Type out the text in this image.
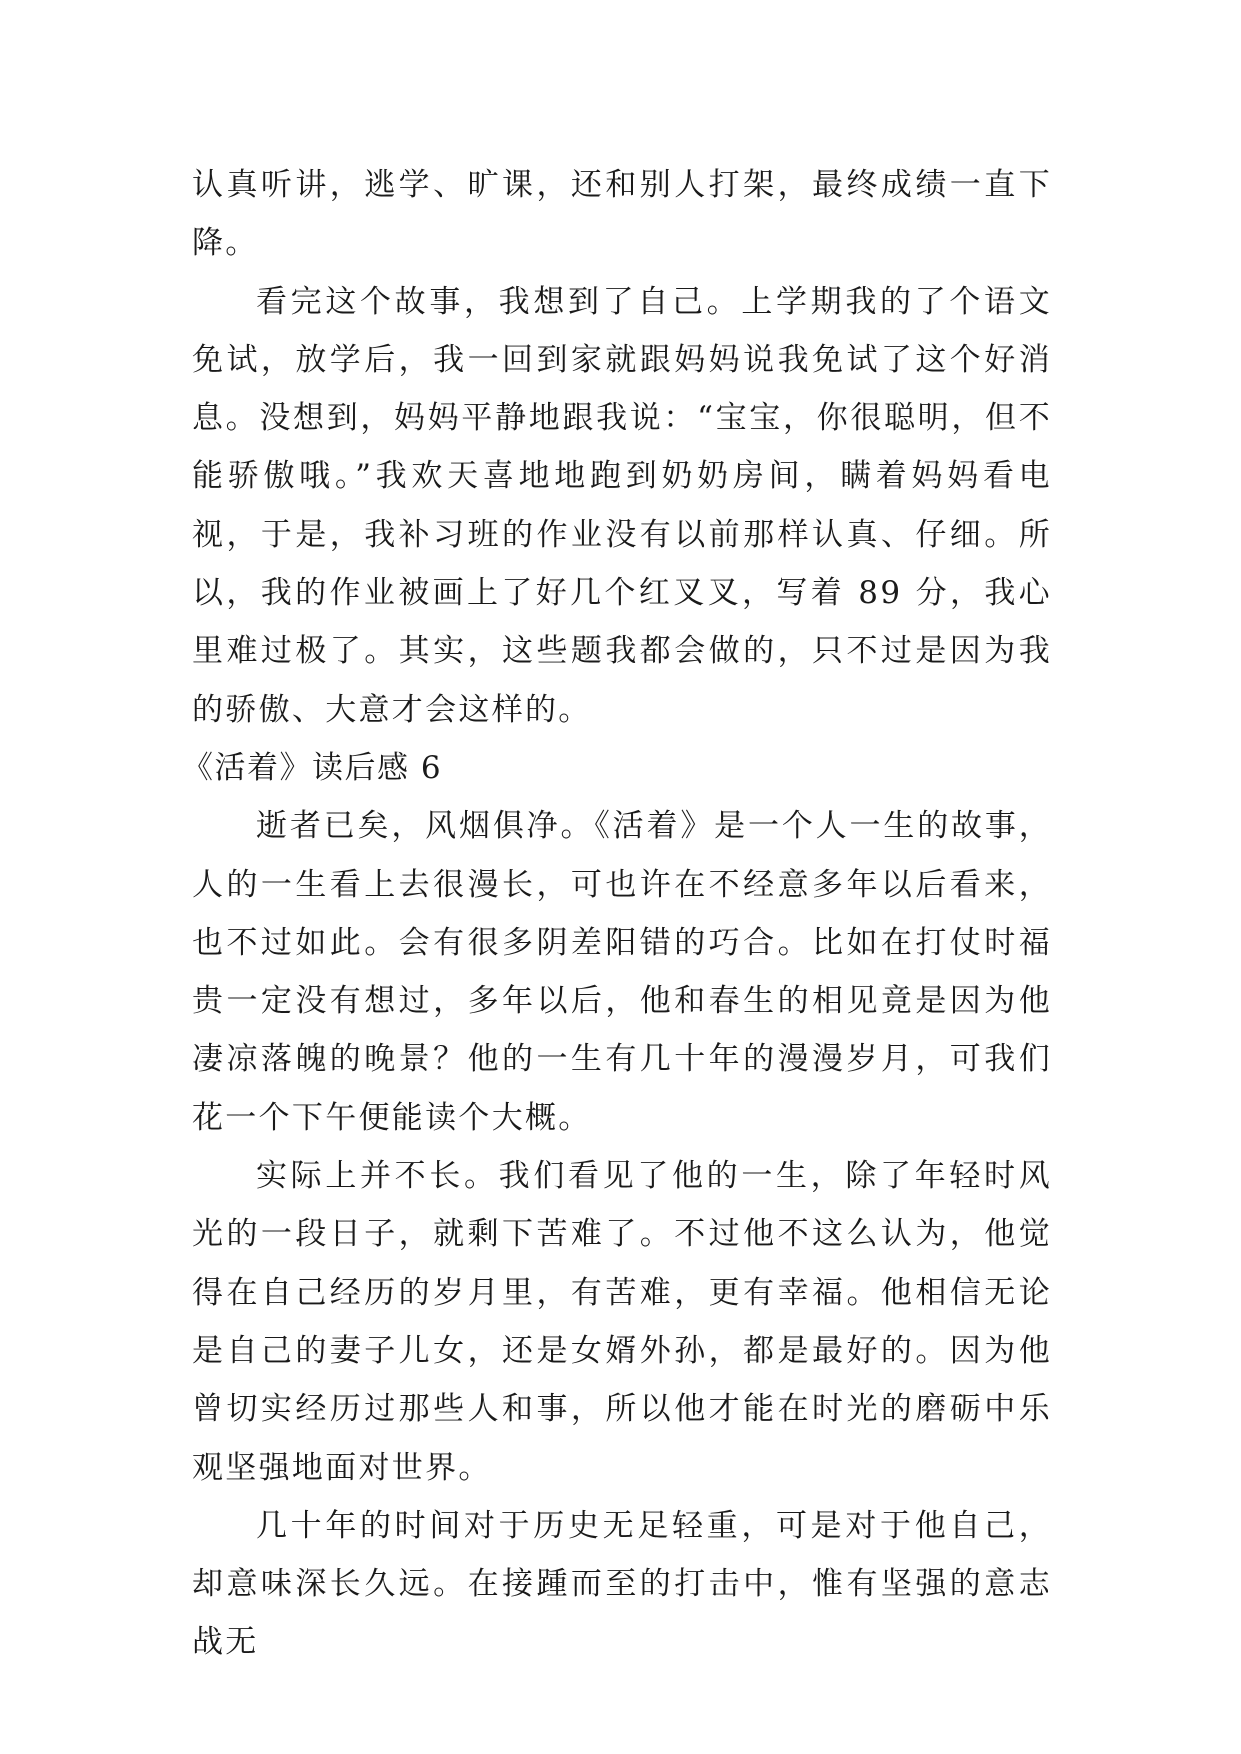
认真听讲，逃学、旷课，还和别人打架，最终成绩一直下降。

看完这个故事，我想到了自己。上学期我的了个语文免试，放学后，我一回到家就跟妈妈说我免试了这个好消息。没想到，妈妈平静地跟我说：“宝宝，你很聪明，但不能骄傲哦。”我欢天喜地地跑到奶奶房间，瞒着妈妈看电视，于是，我补习班的作业没有以前那样认真、仔细。所以，我的作业被画上了好几个红叉叉，写着 89 分，我心里难过极了。其实，这些题我都会做的，只不过是因为我的骄傲、大意才会这样的。

《活着》读后感 6

逝者已矣，风烟俱净。《活着》是一个人一生的故事，人的一生看上去很漫长，可也许在不经意多年以后看来，也不过如此。会有很多阴差阳错的巧合。比如在打仗时福贵一定没有想过，多年以后，他和春生的相见竟是因为他凄凉落魄的晚景？他的一生有几十年的漫漫岁月，可我们花一个下午便能读个大概。

实际上并不长。我们看见了他的一生，除了年轻时风光的一段日子，就剩下苦难了。不过他不这么认为，他觉得在自己经历的岁月里，有苦难，更有幸福。他相信无论是自己的妻子儿女，还是女婿外孙，都是最好的。因为他曾切实经历过那些人和事，所以他才能在时光的磨砺中乐观坚强地面对世界。

几十年的时间对于历史无足轻重，可是对于他自己，却意味深长久远。在接踵而至的打击中，惟有坚强的意志战无
